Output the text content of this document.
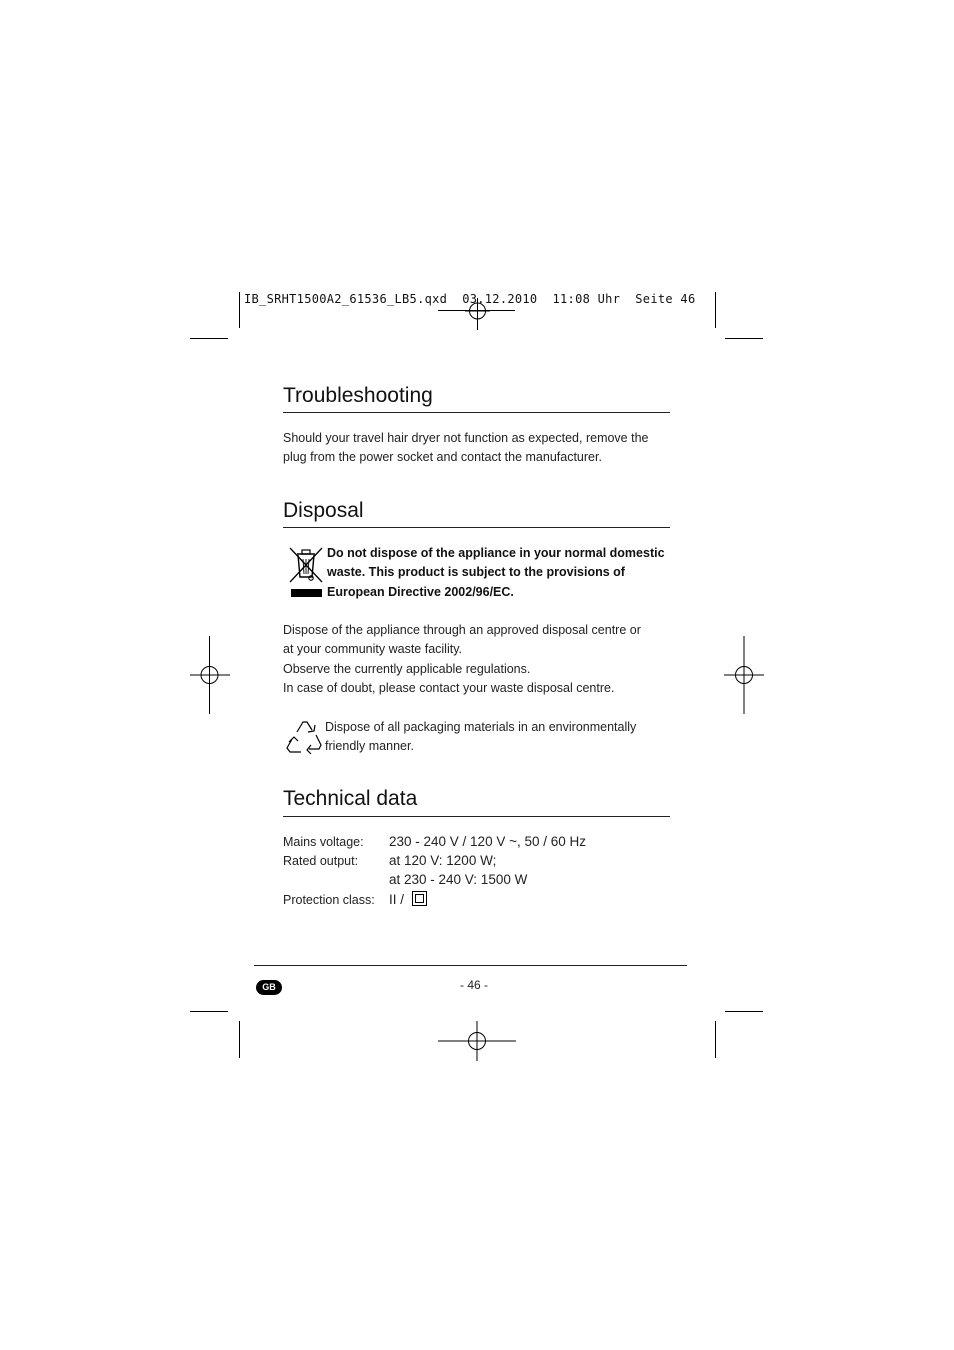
IB_SRHT1500A2_61536_LB5.qxd  03.12.2010  11:08 Uhr  Seite 46
Troubleshooting
Should your travel hair dryer not function as expected, remove the
plug from the power socket and contact the manufacturer.
Disposal
Do not dispose of the appliance in your normal domestic
waste. This product is subject to the provisions of
European Directive 2002/96/EC.
Dispose of the appliance through an approved disposal centre or
at your community waste facility.
Observe the currently applicable regulations.
In case of doubt, please contact your waste disposal centre.
Dispose of all packaging materials in an environmentally
friendly manner.
Technical data
Mains voltage: 230 - 240 V / 120 V ~, 50 / 60 Hz
Rated output: at 120 V: 1200 W;
at 230 - 240 V: 1500 W
Protection class: II /
GB	- 46 -
